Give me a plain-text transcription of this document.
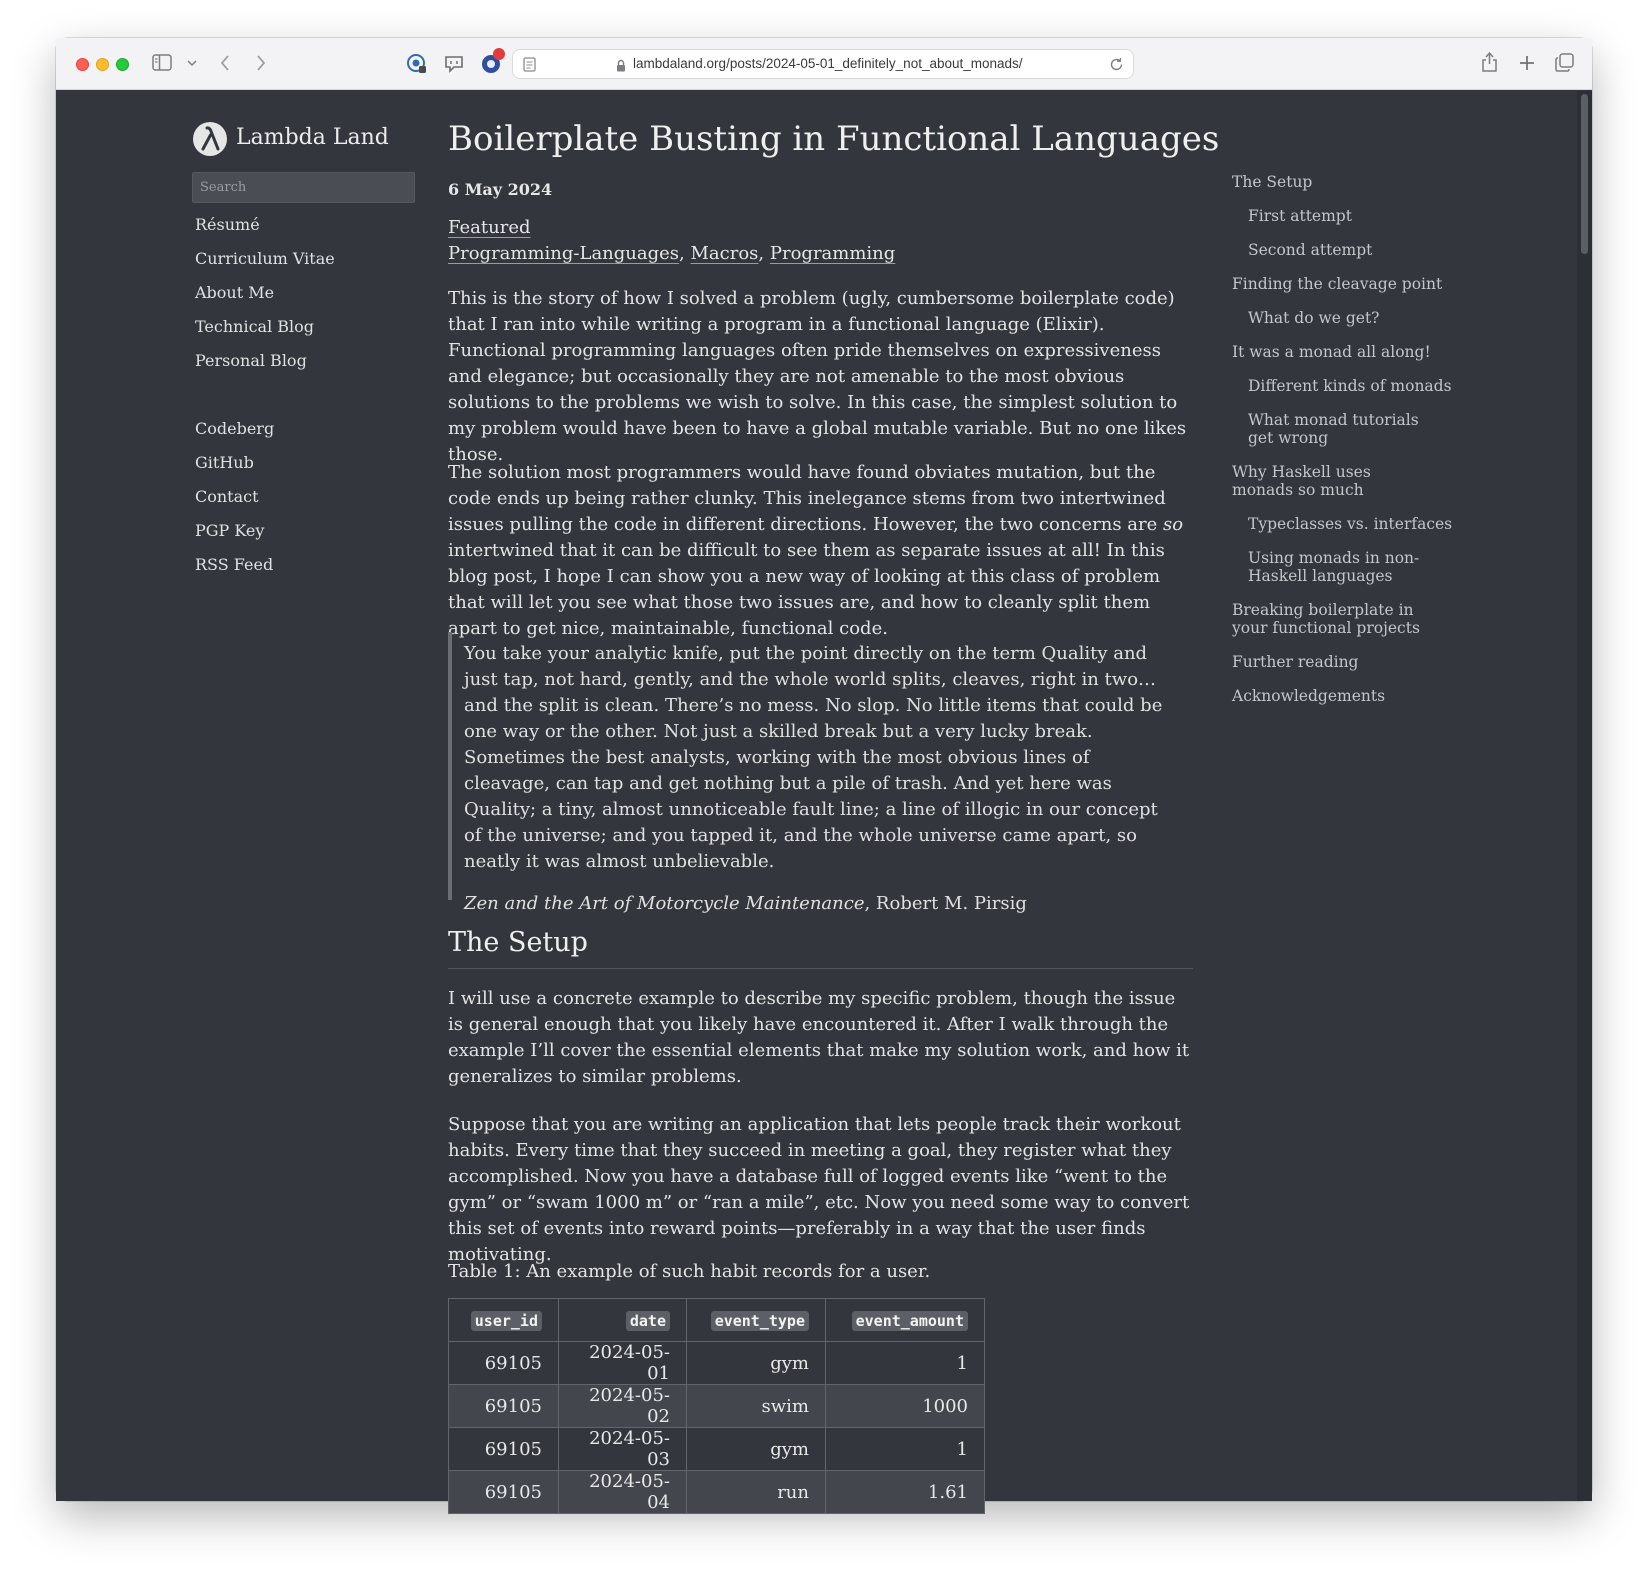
lambdaland.org/posts/2024-05-01_definitely_not_about_monads/
Lambda Land
Search
Résumé
Curriculum Vitae
About Me
Technical Blog
Personal Blog
Codeberg
GitHub
Contact
PGP Key
RSS Feed
Boilerplate Busting in Functional Languages
6 May 2024
Featured
Programming-Languages, Macros, Programming

This is the story of how I solved a problem (ugly, cumbersome boilerplate code) that I ran into while writing a program in a functional language (Elixir). Functional programming languages often pride themselves on expressiveness and elegance; but occasionally they are not amenable to the most obvious solutions to the problems we wish to solve. In this case, the simplest solution to my problem would have been to have a global mutable variable. But no one likes those.

The solution most programmers would have found obviates mutation, but the code ends up being rather clunky. This inelegance stems from two intertwined issues pulling the code in different directions. However, the two concerns are so intertwined that it can be difficult to see them as separate issues at all! In this blog post, I hope I can show you a new way of looking at this class of problem that will let you see what those two issues are, and how to cleanly split them apart to get nice, maintainable, functional code.

You take your analytic knife, put the point directly on the term Quality and just tap, not hard, gently, and the whole world splits, cleaves, right in two… and the split is clean. There’s no mess. No slop. No little items that could be one way or the other. Not just a skilled break but a very lucky break. Sometimes the best analysts, working with the most obvious lines of cleavage, can tap and get nothing but a pile of trash. And yet here was Quality; a tiny, almost unnoticeable fault line; a line of illogic in our concept of the universe; and you tapped it, and the whole universe came apart, so neatly it was almost unbelievable.

Zen and the Art of Motorcycle Maintenance, Robert M. Pirsig

The Setup

I will use a concrete example to describe my specific problem, though the issue is general enough that you likely have encountered it. After I walk through the example I’ll cover the essential elements that make my solution work, and how it generalizes to similar problems.

Suppose that you are writing an application that lets people track their workout habits. Every time that they succeed in meeting a goal, they register what they accomplished. Now you have a database full of logged events like “went to the gym” or “swam 1000 m” or “ran a mile”, etc. Now you need some way to convert this set of events into reward points—preferably in a way that the user finds motivating.

Table 1: An example of such habit records for a user.
user_id	date	event_type	event_amount
69105	2024-05-01	gym	1
69105	2024-05-02	swim	1000
69105	2024-05-03	gym	1
69105	2024-05-04	run	1.61
The Setup
First attempt
Second attempt
Finding the cleavage point
What do we get?
It was a monad all along!
Different kinds of monads
What monad tutorials get wrong
Why Haskell uses monads so much
Typeclasses vs. interfaces
Using monads in non-Haskell languages
Breaking boilerplate in your functional projects
Further reading
Acknowledgements
